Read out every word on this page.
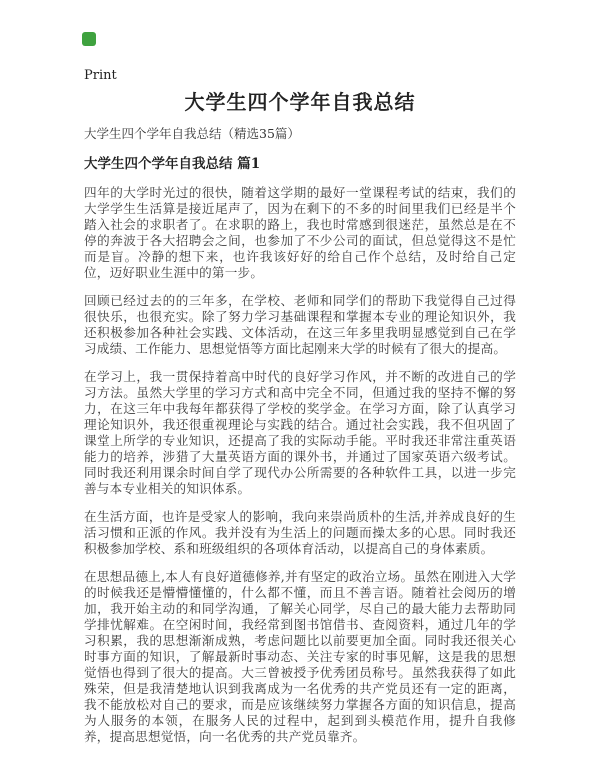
Print
大学生四个学年自我总结

大学生四个学年自我总结（精选35篇）

大学生四个学年自我总结 篇1

四年的大学时光过的很快，随着这学期的最好一堂课程考试的结束，我们的大学学生生活算是接近尾声了，因为在剩下的不多的时间里我们已经是半个踏入社会的求职者了。在求职的路上，我也时常感到很迷茫，虽然总是在不停的奔波于各大招聘会之间，也参加了不少公司的面试，但总觉得这不是忙而是盲。冷静的想下来，也许我该好好的给自己作个总结，及时给自己定位，迈好职业生涯中的第一步。

回顾已经过去的的三年多，在学校、老师和同学们的帮助下我觉得自己过得很快乐，也很充实。除了努力学习基础课程和掌握本专业的理论知识外，我还积极参加各种社会实践、文体活动，在这三年多里我明显感觉到自己在学习成绩、工作能力、思想觉悟等方面比起刚来大学的时候有了很大的提高。

在学习上，我一贯保持着高中时代的良好学习作风，并不断的改进自己的学习方法。虽然大学里的学习方式和高中完全不同，但通过我的坚持不懈的努力，在这三年中我每年都获得了学校的奖学金。在学习方面，除了认真学习理论知识外，我还很重视理论与实践的结合。通过社会实践，我不但巩固了课堂上所学的专业知识，还提高了我的实际动手能。平时我还非常注重英语能力的培养，涉猎了大量英语方面的课外书，并通过了国家英语六级考试。同时我还利用课余时间自学了现代办公所需要的各种软件工具，以进一步完善与本专业相关的知识体系。

在生活方面，也许是受家人的影响，我向来崇尚质朴的生活,并养成良好的生活习惯和正派的作风。我并没有为生活上的问题而操太多的心思。同时我还积极参加学校、系和班级组织的各项体育活动，以提高自己的身体素质。

在思想品德上,本人有良好道德修养,并有坚定的政治立场。虽然在刚进入大学的时候我还是懵懵懂懂的，什么都不懂，而且不善言语。随着社会阅历的增加，我开始主动的和同学沟通，了解关心同学，尽自己的最大能力去帮助同学排忧解难。在空闲时间，我经常到图书馆借书、查阅资料，通过几年的学习积累，我的思想渐渐成熟，考虑问题比以前要更加全面。同时我还很关心时事方面的知识，了解最新时事动态、关注专家的时事见解，这是我的思想觉悟也得到了很大的提高。大三曾被授予优秀团员称号。虽然我获得了如此殊荣，但是我清楚地认识到我离成为一名优秀的共产党员还有一定的距离，我不能放松对自己的要求，而是应该继续努力掌握各方面的知识信息，提高为人服务的本领，在服务人民的过程中，起到到头模范作用，提升自我修养，提高思想觉悟，向一名优秀的共产党员靠齐。
